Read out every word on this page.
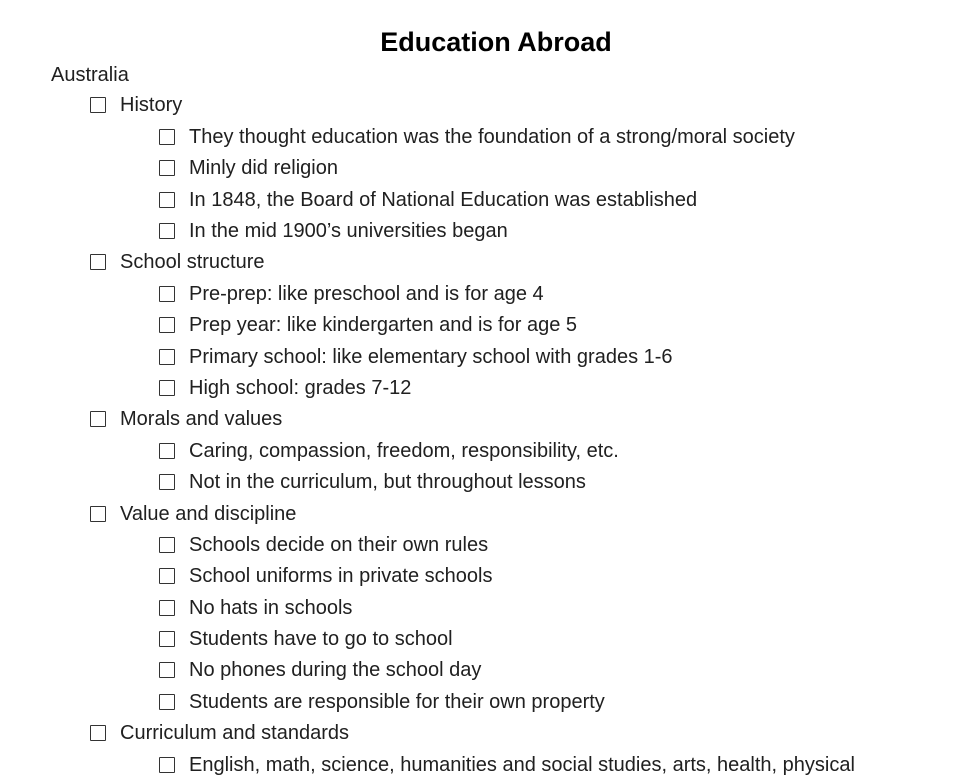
Education Abroad
Australia
History
They thought education was the foundation of a strong/moral society
Minly did religion
In 1848, the Board of National Education was established
In the mid 1900’s universities began
School structure
Pre-prep: like preschool and is for age 4
Prep year: like kindergarten and is for age 5
Primary school: like elementary school with grades 1-6
High school: grades 7-12
Morals and values
Caring, compassion, freedom, responsibility, etc.
Not in the curriculum, but throughout lessons
Value and discipline
Schools decide on their own rules
School uniforms in private schools
No hats in schools
Students have to go to school
No phones during the school day
Students are responsible for their own property
Curriculum and standards
English, math, science, humanities and social studies, arts, health, physical
